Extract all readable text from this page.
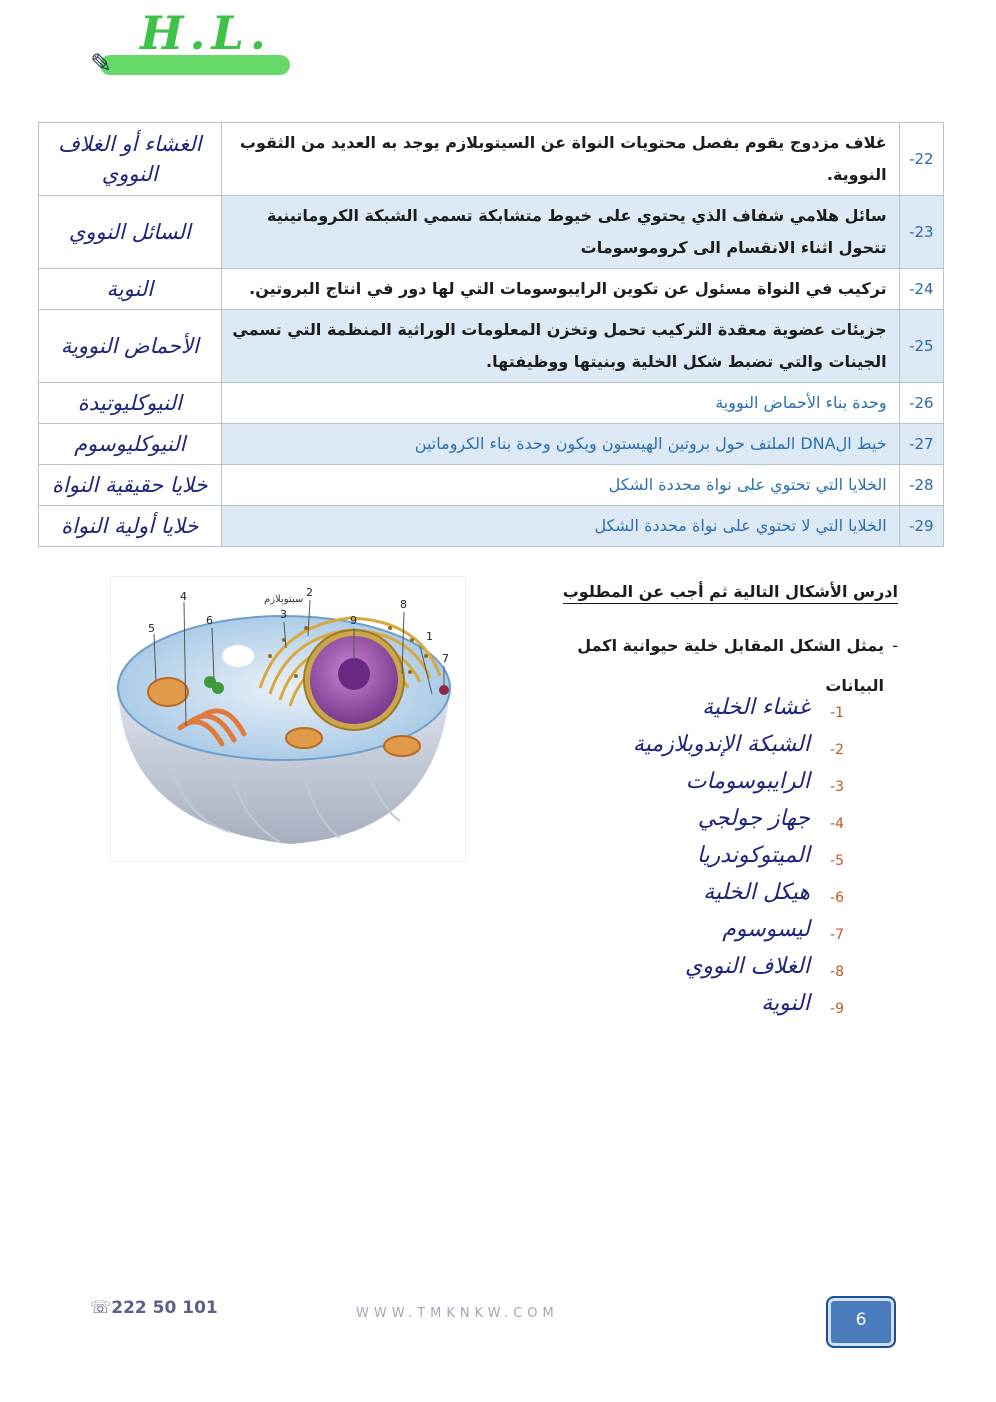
H.L.
✎
22-	غلاف مزدوج يقوم بفصل محتويات النواة عن السيتوبلازم يوجد به العديد من الثقوب النووية.	الغشاء أو الغلاف النووي
23-	سائل هلامي شفاف الذي يحتوي على خيوط متشابكة تسمي الشبكة الكروماتينية تتحول اثناء الانقسام الى كروموسومات	السائل النووي
24-	تركيب في النواة مسئول عن تكوين الرايبوسومات التي لها دور في انتاج البروتين.	النوية
25-	جزيئات عضوية معقدة التركيب تحمل وتخزن المعلومات الوراثية المنظمة التي تسمي الجينات والتي تضبط شكل الخلية وبنيتها ووظيفتها.	الأحماض النووية
26-	وحدة بناء الأحماض النووية	النيوكليوتيدة
27-	خيط الDNA الملتف حول بروتين الهيستون ويكون وحدة بناء الكروماتين	النيوكليوسوم
28-	الخلايا التي تحتوي على نواة محددة الشكل	خلايا حقيقية النواة
29-	الخلايا التي لا تحتوي على نواة محددة الشكل	خلايا أولية النواة
سيتوبلازم
1
2
3
4
5
6
7
8
9
ادرس الأشكال التالية ثم أجب عن المطلوب
-
يمثل الشكل المقابل خلية حيوانية اكمل البيانات
1-
غشاء الخلية
2-
الشبكة الإندوبلازمية
3-
الرايبوسومات
4-
جهاز جولجي
5-
الميتوكوندريا
6-
هيكل الخلية
7-
ليسوسوم
8-
الغلاف النووي
9-
النوية
☏222 50 101	WWW.TMKNKW.COM	6
